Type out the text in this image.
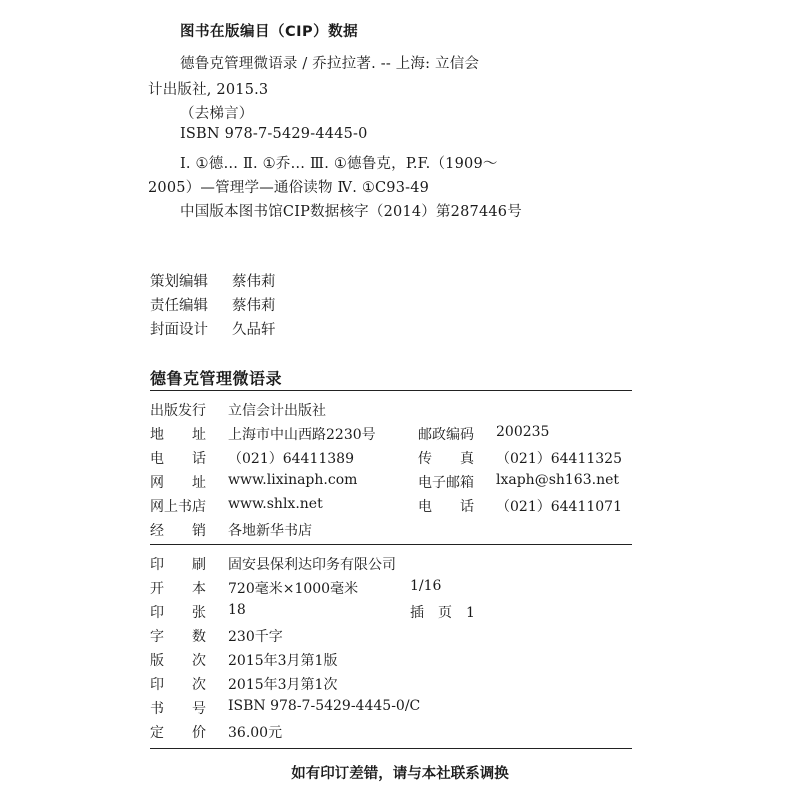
图书在版编目（CIP）数据
德鲁克管理微语录 / 乔拉拉著. -- 上海: 立信会
计出版社, 2015.3
（去梯言）
ISBN 978-7-5429-4445-0
Ⅰ. ①德… Ⅱ. ①乔… Ⅲ. ①德鲁克，P.F.（1909～
2005）—管理学—通俗读物 Ⅳ. ①C93-49
中国版本图书馆CIP数据核字（2014）第287446号
策划编辑 蔡伟莉
责任编辑 蔡伟莉
封面设计 久品轩
德鲁克管理微语录
出版发行 立信会计出版社
地　　址 上海市中山西路2230号	邮政编码 200235
电　　话 （021）64411389	传　　真 （021）64411325
网　　址 www.lixinaph.com	电子邮箱 lxaph@sh163.net
网上书店 www.shlx.net	电　　话 （021）64411071
经　　销 各地新华书店
印　　刷 固安县保利达印务有限公司
开　　本 720毫米×1000毫米	1/16
印　　张 18	插　页　1
字　　数 230千字
版　　次 2015年3月第1版
印　　次 2015年3月第1次
书　　号 ISBN 978-7-5429-4445-0/C
定　　价 36.00元
如有印订差错，请与本社联系调换
